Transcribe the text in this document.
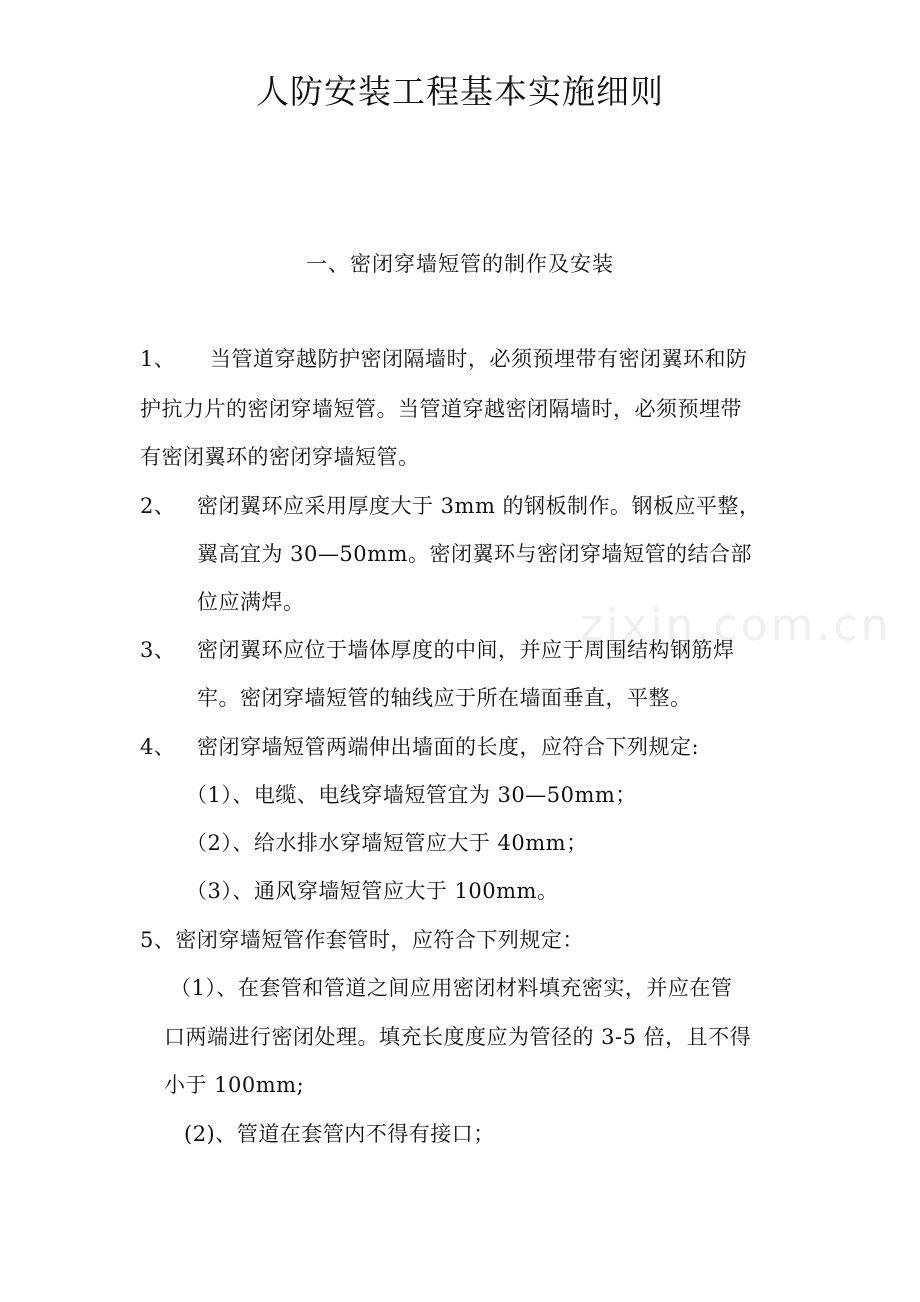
zixin.com.cn
人防安装工程基本实施细则
一、密闭穿墙短管的制作及安装
1、 当管道穿越防护密闭隔墙时，必须预埋带有密闭翼环和防
护抗力片的密闭穿墙短管。当管道穿越密闭隔墙时，必须预埋带
有密闭翼环的密闭穿墙短管。
2、 密闭翼环应采用厚度大于 3mm 的钢板制作。钢板应平整，
翼高宜为 30—50mm。密闭翼环与密闭穿墙短管的结合部
位应满焊。
3、 密闭翼环应位于墙体厚度的中间，并应于周围结构钢筋焊
牢。密闭穿墙短管的轴线应于所在墙面垂直，平整。
4、 密闭穿墙短管两端伸出墙面的长度，应符合下列规定:
（1）、电缆、电线穿墙短管宜为 30—50mm；
（2）、给水排水穿墙短管应大于 40mm；
（3）、通风穿墙短管应大于 100mm。
5、密闭穿墙短管作套管时，应符合下列规定：
（1）、在套管和管道之间应用密闭材料填充密实，并应在管
口两端进行密闭处理。填充长度度应为管径的 3-5 倍，且不得
小于 100mm;
(2)、管道在套管内不得有接口；
